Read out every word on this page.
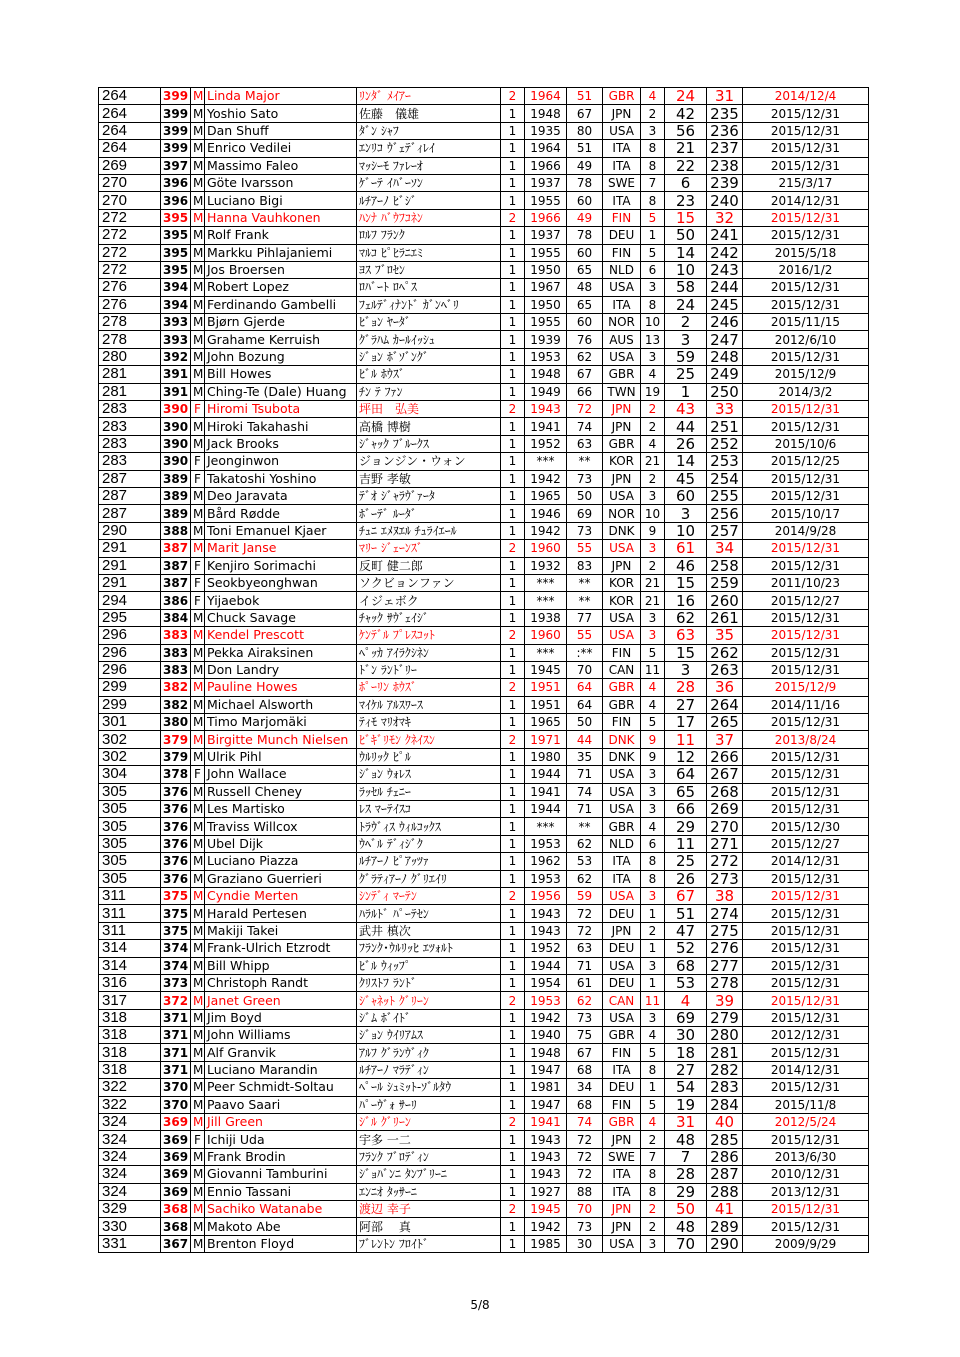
264	399	M	Linda Major	ﾘﾝﾀﾞ ﾒｲｱｰ	2	1964	51	GBR	4	24	31	2014/12/4
264	399	M	Yoshio Sato	佐藤　儀雄	1	1948	67	JPN	2	42	235	2015/12/31
264	399	M	Dan Shuff	ﾀﾞﾝ ｼｬﾌ	1	1935	80	USA	3	56	236	2015/12/31
264	399	M	Enrico Vedilei	ｴﾝﾘｺ ｳﾞｪﾃﾞｨﾚｲ	1	1964	51	ITA	8	21	237	2015/12/31
269	397	M	Massimo Faleo	ﾏｯｼｰﾓ ﾌｧﾚｰｵ	1	1966	49	ITA	8	22	238	2015/12/31
270	396	M	Göte Ivarsson	ｹﾞｰﾃ ｲﾊﾞｰｿﾝ	1	1937	78	SWE	7	6	239	215/3/17
270	396	M	Luciano Bigi	ﾙﾁｱｰﾉ ﾋﾞｼﾞ	1	1955	60	ITA	8	23	240	2014/12/31
272	395	M	Hanna Vauhkonen	ﾊﾝﾅ ﾊﾞｳﾌｺﾈﾝ	2	1966	49	FIN	5	15	32	2015/12/31
272	395	M	Rolf Frank	ﾛﾙﾌ ﾌﾗﾝｸ	1	1937	78	DEU	1	50	241	2015/12/31
272	395	M	Markku Pihlajaniemi	ﾏﾙｺ ﾋﾟﾋﾗﾆｴﾐ	1	1955	60	FIN	5	14	242	2015/5/18
272	395	M	Jos Broersen	ﾖｽ ﾌﾞﾛｾﾝ	1	1950	65	NLD	6	10	243	2016/1/2
276	394	M	Robert Lopez	ﾛﾊﾞｰﾄ ﾛﾍﾟｽ	1	1967	48	USA	3	58	244	2015/12/31
276	394	M	Ferdinando Gambelli	ﾌｪﾙﾃﾞｨﾅﾝﾄﾞ ｶﾞﾝﾍﾞﾘ	1	1950	65	ITA	8	24	245	2015/12/31
278	393	M	Bjørn Gjerde	ﾋﾞｮﾝ ﾔｰﾀﾞ	1	1955	60	NOR	10	2	246	2015/11/15
278	393	M	Grahame Kerruish	ｸﾞﾗﾊﾑ ｶｰﾙｲｯｼｭ	1	1939	76	AUS	13	3	247	2012/6/10
280	392	M	John Bozung	ｼﾞｮﾝ ﾎﾞｿﾞﾝｸﾞ	1	1953	62	USA	3	59	248	2015/12/31
281	391	M	Bill Howes	ﾋﾞﾙ ﾎｳｽﾞ	1	1948	67	GBR	4	25	249	2015/12/9
281	391	M	Ching-Te (Dale) Huang	ﾁﾝ ﾃ ﾌｧﾝ	1	1949	66	TWN	19	1	250	2014/3/2
283	390	F	Hiromi Tsubota	坪田　弘美	2	1943	72	JPN	2	43	33	2015/12/31
283	390	M	Hiroki Takahashi	高橋 博樹	1	1941	74	JPN	2	44	251	2015/12/31
283	390	M	Jack Brooks	ｼﾞｬｯｸ ﾌﾞﾙｰｸｽ	1	1952	63	GBR	4	26	252	2015/10/6
283	390	F	Jeonginwon	ジョンジン・ウォン	1	***	**	KOR	21	14	253	2015/12/25
287	389	F	Takatoshi Yoshino	吉野 孝敏	1	1942	73	JPN	2	45	254	2015/12/31
287	389	M	Deo Jaravata	ﾃﾞｵ ｼﾞｬﾗｳﾞｧｰﾀ	1	1965	50	USA	3	60	255	2015/12/31
287	389	M	Bård Rødde	ﾎﾞｰﾃﾞ ﾙｰﾀﾞ	1	1946	69	NOR	10	3	256	2015/10/17
290	388	M	Toni Emanuel Kjaer	ﾁｭﾆ ｴﾒﾇｴﾙ ﾁｭﾗｲｴｰﾙ	1	1942	73	DNK	9	10	257	2014/9/28
291	387	M	Marit Janse	ﾏﾘｰ ｼﾞｪｰﾝｽﾞ	2	1960	55	USA	3	61	34	2015/12/31
291	387	F	Kenjiro Sorimachi	反町 健二郎	1	1932	83	JPN	2	46	258	2015/12/31
291	387	F	Seokbyeonghwan	ソクビョンファン	1	***	**	KOR	21	15	259	2011/10/23
294	386	F	Yijaebok	イジェボク	1	***	**	KOR	21	16	260	2015/12/27
295	384	M	Chuck Savage	ﾁｬｯｸ ｻｳﾞｪｲｼﾞ	1	1938	77	USA	3	62	261	2015/12/31
296	383	M	Kendel Prescott	ｹﾝﾃﾞﾙ ﾌﾟﾚｽｺｯﾄ	2	1960	55	USA	3	63	35	2015/12/31
296	383	M	Pekka Airaksinen	ﾍﾟｯｶ ｱｲﾗｸｼﾈﾝ	1	***	:**	FIN	5	15	262	2015/12/31
296	383	M	Don Landry	ﾄﾞﾝ ﾗﾝﾄﾞﾘｰ	1	1945	70	CAN	11	3	263	2015/12/31
299	382	M	Pauline Howes	ﾎﾟｰﾘﾝ ﾎｳｽﾞ	2	1951	64	GBR	4	28	36	2015/12/9
299	382	M	Michael Alsworth	ﾏｲｹﾙ ｱﾙｽﾜｰｽ	1	1951	64	GBR	4	27	264	2014/11/16
301	380	M	Timo Marjomäki	ﾃｨﾓ ﾏﾘｵﾏｷ	1	1965	50	FIN	5	17	265	2015/12/31
302	379	M	Birgitte Munch Nielsen	ﾋﾞｷﾞﾘﾓﾝ ｸﾈｲｽﾝ	2	1971	44	DNK	9	11	37	2013/8/24
302	379	M	Ulrik Pihl	ｳﾙﾘｯｸ ﾋﾟﾙ	1	1980	35	DNK	9	12	266	2015/12/31
304	378	F	John Wallace	ｼﾞｮﾝ ｳｫﾚｽ	1	1944	71	USA	3	64	267	2015/12/31
305	376	M	Russell Cheney	ﾗｯｾﾙ ﾁｪﾆｰ	1	1941	74	USA	3	65	268	2015/12/31
305	376	M	Les Martisko	ﾚｽ ﾏｰﾃｲｽｺ	1	1944	71	USA	3	66	269	2015/12/31
305	376	M	Traviss Willcox	ﾄﾗｳﾞｨｽ ｳｨﾙｺｯｸｽ	1	***	**	GBR	4	29	270	2015/12/30
305	376	M	Ubel Dijk	ｳﾍﾞﾙ ﾃﾞｨｼﾞｸ	1	1953	62	NLD	6	11	271	2015/12/27
305	376	M	Luciano Piazza	ﾙﾁｱｰﾉ ﾋﾟｱｯﾂｧ	1	1962	53	ITA	8	25	272	2014/12/31
305	376	M	Graziano Guerrieri	ｸﾞﾗﾃｨｱｰﾉ ｸﾞﾘｴｲﾘ	1	1953	62	ITA	8	26	273	2015/12/31
311	375	M	Cyndie Merten	ｼﾝﾃﾞｨ ﾏｰﾃﾝ	2	1956	59	USA	3	67	38	2015/12/31
311	375	M	Harald Pertesen	ﾊﾗﾙﾄﾞ ﾊﾟｰﾃｾﾝ	1	1943	72	DEU	1	51	274	2015/12/31
311	375	M	Makiji Takei	武井 槙次	1	1943	72	JPN	2	47	275	2015/12/31
314	374	M	Frank-Ulrich Etzrodt	ﾌﾗﾝｸ･ｳﾙﾘｯﾋ ｴﾂｫﾙﾄ	1	1952	63	DEU	1	52	276	2015/12/31
314	374	M	Bill Whipp	ﾋﾞﾙ ｳｨｯﾌﾟ	1	1944	71	USA	3	68	277	2015/12/31
316	373	M	Christoph Randt	ｸﾘｽﾄﾌ ﾗﾝﾄﾞ	1	1954	61	DEU	1	53	278	2015/12/31
317	372	M	Janet Green	ｼﾞｬﾈｯﾄ ｸﾞﾘｰﾝ	2	1953	62	CAN	11	4	39	2015/12/31
318	371	M	Jim Boyd	ｼﾞﾑ ﾎﾞｲﾄﾞ	1	1942	73	USA	3	69	279	2015/12/31
318	371	M	John Williams	ｼﾞｮﾝ ｳｲﾘｱﾑｽ	1	1940	75	GBR	4	30	280	2012/12/31
318	371	M	Alf Granvik	ｱﾙﾌ ｸﾞﾗﾝｳﾞｨｸ	1	1948	67	FIN	5	18	281	2015/12/31
318	371	M	Luciano Marandin	ﾙﾁｱｰﾉ ﾏﾗﾃﾞｨﾝ	1	1947	68	ITA	8	27	282	2014/12/31
322	370	M	Peer Schmidt-Soltau	ﾍﾟｰﾙ ｼｭﾐｯﾄ-ｿﾞﾙﾀｳ	1	1981	34	DEU	1	54	283	2015/12/31
322	370	M	Paavo Saari	ﾊﾟｰｳﾞｫ ｻｰﾘ	1	1947	68	FIN	5	19	284	2015/11/8
324	369	M	Jill Green	ｼﾞﾙ ｸﾞﾘｰﾝ	2	1941	74	GBR	4	31	40	2012/5/24
324	369	F	Ichiji Uda	宇多 一二	1	1943	72	JPN	2	48	285	2015/12/31
324	369	M	Frank Brodin	ﾌﾗﾝｸ ﾌﾞﾛﾃﾞｨﾝ	1	1943	72	SWE	7	7	286	2013/6/30
324	369	M	Giovanni Tamburini	ｼﾞｮﾊﾞﾝﾆ ﾀﾝﾌﾞﾘｰﾆ	1	1943	72	ITA	8	28	287	2010/12/31
324	369	M	Ennio Tassani	ｴﾝﾆｵ ﾀｯｻｰﾆ	1	1927	88	ITA	8	29	288	2013/12/31
329	368	M	Sachiko Watanabe	渡辺 幸子	2	1945	70	JPN	2	50	41	2015/12/31
330	368	M	Makoto Abe	阿部　 真	1	1942	73	JPN	2	48	289	2015/12/31
331	367	M	Brenton Floyd	ﾌﾞﾚﾝﾄﾝ ﾌﾛｲﾄﾞ	1	1985	30	USA	3	70	290	2009/9/29
5/8
